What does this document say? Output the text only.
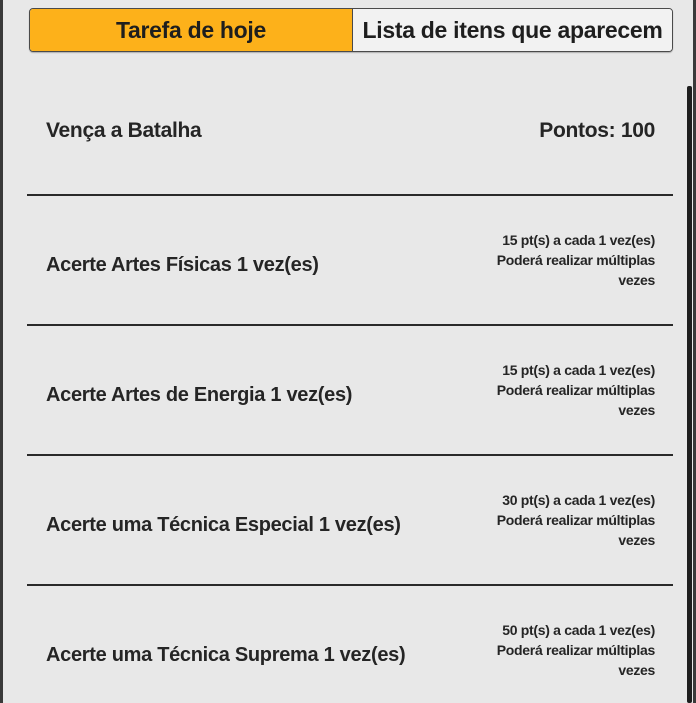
Tarefa de hoje	Lista de itens que aparecem
Vença a Batalha	Pontos: 100
Acerte Artes Físicas 1 vez(es)
15 pt(s) a cada 1 vez(es)
Poderá realizar múltiplas
vezes
Acerte Artes de Energia 1 vez(es)
15 pt(s) a cada 1 vez(es)
Poderá realizar múltiplas
vezes
Acerte uma Técnica Especial 1 vez(es)
30 pt(s) a cada 1 vez(es)
Poderá realizar múltiplas
vezes
Acerte uma Técnica Suprema 1 vez(es)
50 pt(s) a cada 1 vez(es)
Poderá realizar múltiplas
vezes
